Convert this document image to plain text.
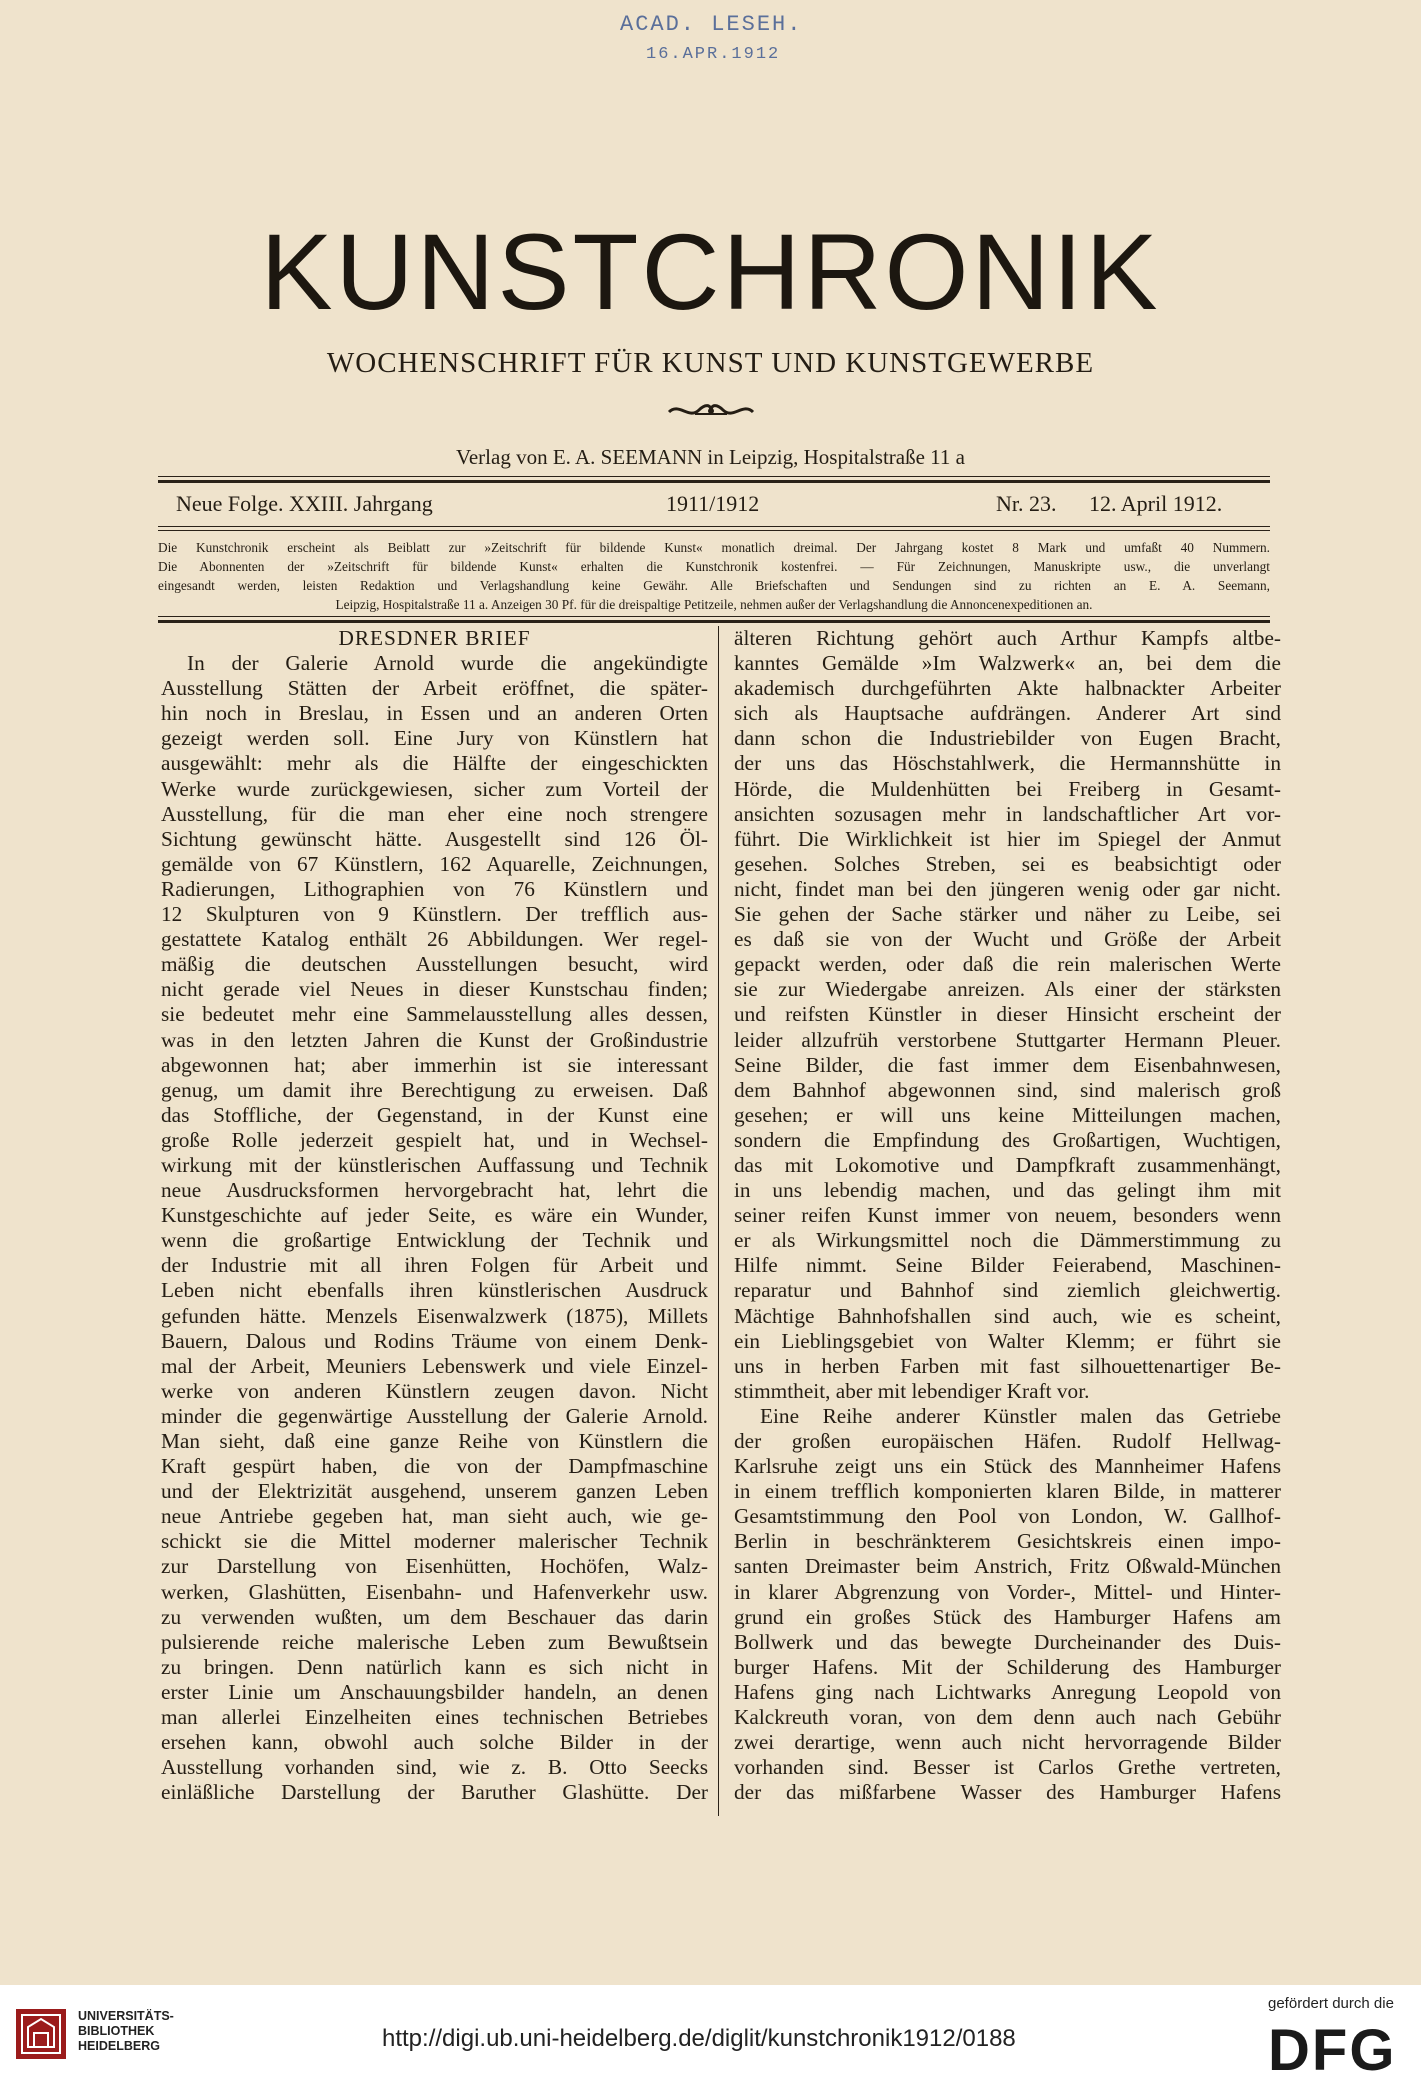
ACAD. LESEH.
16.APR.1912
KUNSTCHRONIK
WOCHENSCHRIFT FÜR KUNST UND KUNSTGEWERBE
Verlag von E. A. SEEMANN in Leipzig, Hospitalstraße 11 a
Neue Folge. XXIII. Jahrgang	1911/1912	Nr. 23. 12. April 1912.

Die Kunstchronik erscheint als Beiblatt zur »Zeitschrift für bildende Kunst« monatlich dreimal. Der Jahrgang kostet 8 Mark und umfaßt 40 Nummern.

Die Abonnenten der »Zeitschrift für bildende Kunst« erhalten die Kunstchronik kostenfrei. — Für Zeichnungen, Manuskripte usw., die unverlangt

eingesandt werden, leisten Redaktion und Verlagshandlung keine Gewähr. Alle Briefschaften und Sendungen sind zu richten an E. A. Seemann,

Leipzig, Hospitalstraße 11 a. Anzeigen 30 Pf. für die dreispaltige Petitzeile, nehmen außer der Verlagshandlung die Annoncenexpeditionen an.

DRESDNER BRIEF

In der Galerie Arnold wurde die angekündigte

Ausstellung Stätten der Arbeit eröffnet, die später-

hin noch in Breslau, in Essen und an anderen Orten

gezeigt werden soll. Eine Jury von Künstlern hat

ausgewählt: mehr als die Hälfte der eingeschickten

Werke wurde zurückgewiesen, sicher zum Vorteil der

Ausstellung, für die man eher eine noch strengere

Sichtung gewünscht hätte. Ausgestellt sind 126 Öl-

gemälde von 67 Künstlern, 162 Aquarelle, Zeichnungen,

Radierungen, Lithographien von 76 Künstlern und

12 Skulpturen von 9 Künstlern. Der trefflich aus-

gestattete Katalog enthält 26 Abbildungen. Wer regel-

mäßig die deutschen Ausstellungen besucht, wird

nicht gerade viel Neues in dieser Kunstschau finden;

sie bedeutet mehr eine Sammelausstellung alles dessen,

was in den letzten Jahren die Kunst der Großindustrie

abgewonnen hat; aber immerhin ist sie interessant

genug, um damit ihre Berechtigung zu erweisen. Daß

das Stoffliche, der Gegenstand, in der Kunst eine

große Rolle jederzeit gespielt hat, und in Wechsel-

wirkung mit der künstlerischen Auffassung und Technik

neue Ausdrucksformen hervorgebracht hat, lehrt die

Kunstgeschichte auf jeder Seite, es wäre ein Wunder,

wenn die großartige Entwicklung der Technik und

der Industrie mit all ihren Folgen für Arbeit und

Leben nicht ebenfalls ihren künstlerischen Ausdruck

gefunden hätte. Menzels Eisenwalzwerk (1875), Millets

Bauern, Dalous und Rodins Träume von einem Denk-

mal der Arbeit, Meuniers Lebenswerk und viele Einzel-

werke von anderen Künstlern zeugen davon. Nicht

minder die gegenwärtige Ausstellung der Galerie Arnold.

Man sieht, daß eine ganze Reihe von Künstlern die

Kraft gespürt haben, die von der Dampfmaschine

und der Elektrizität ausgehend, unserem ganzen Leben

neue Antriebe gegeben hat, man sieht auch, wie ge-

schickt sie die Mittel moderner malerischer Technik

zur Darstellung von Eisenhütten, Hochöfen, Walz-

werken, Glashütten, Eisenbahn- und Hafenverkehr usw.

zu verwenden wußten, um dem Beschauer das darin

pulsierende reiche malerische Leben zum Bewußtsein

zu bringen. Denn natürlich kann es sich nicht in

erster Linie um Anschauungsbilder handeln, an denen

man allerlei Einzelheiten eines technischen Betriebes

ersehen kann, obwohl auch solche Bilder in der

Ausstellung vorhanden sind, wie z. B. Otto Seecks

einläßliche Darstellung der Baruther Glashütte. Der

älteren Richtung gehört auch Arthur Kampfs altbe-

kanntes Gemälde »Im Walzwerk« an, bei dem die

akademisch durchgeführten Akte halbnackter Arbeiter

sich als Hauptsache aufdrängen. Anderer Art sind

dann schon die Industriebilder von Eugen Bracht,

der uns das Höschstahlwerk, die Hermannshütte in

Hörde, die Muldenhütten bei Freiberg in Gesamt-

ansichten sozusagen mehr in landschaftlicher Art vor-

führt. Die Wirklichkeit ist hier im Spiegel der Anmut

gesehen. Solches Streben, sei es beabsichtigt oder

nicht, findet man bei den jüngeren wenig oder gar nicht.

Sie gehen der Sache stärker und näher zu Leibe, sei

es daß sie von der Wucht und Größe der Arbeit

gepackt werden, oder daß die rein malerischen Werte

sie zur Wiedergabe anreizen. Als einer der stärksten

und reifsten Künstler in dieser Hinsicht erscheint der

leider allzufrüh verstorbene Stuttgarter Hermann Pleuer.

Seine Bilder, die fast immer dem Eisenbahnwesen,

dem Bahnhof abgewonnen sind, sind malerisch groß

gesehen; er will uns keine Mitteilungen machen,

sondern die Empfindung des Großartigen, Wuchtigen,

das mit Lokomotive und Dampfkraft zusammenhängt,

in uns lebendig machen, und das gelingt ihm mit

seiner reifen Kunst immer von neuem, besonders wenn

er als Wirkungsmittel noch die Dämmerstimmung zu

Hilfe nimmt. Seine Bilder Feierabend, Maschinen-

reparatur und Bahnhof sind ziemlich gleichwertig.

Mächtige Bahnhofshallen sind auch, wie es scheint,

ein Lieblingsgebiet von Walter Klemm; er führt sie

uns in herben Farben mit fast silhouettenartiger Be-

stimmtheit, aber mit lebendiger Kraft vor.

Eine Reihe anderer Künstler malen das Getriebe

der großen europäischen Häfen. Rudolf Hellwag-

Karlsruhe zeigt uns ein Stück des Mannheimer Hafens

in einem trefflich komponierten klaren Bilde, in matterer

Gesamtstimmung den Pool von London, W. Gallhof-

Berlin in beschränkterem Gesichtskreis einen impo-

santen Dreimaster beim Anstrich, Fritz Oßwald-München

in klarer Abgrenzung von Vorder-, Mittel- und Hinter-

grund ein großes Stück des Hamburger Hafens am

Bollwerk und das bewegte Durcheinander des Duis-

burger Hafens. Mit der Schilderung des Hamburger

Hafens ging nach Lichtwarks Anregung Leopold von

Kalckreuth voran, von dem denn auch nach Gebühr

zwei derartige, wenn auch nicht hervorragende Bilder

vorhanden sind. Besser ist Carlos Grethe vertreten,

der das mißfarbene Wasser des Hamburger Hafens

UNIVERSITÄTS-
BIBLIOTHEK
HEIDELBERG	http://digi.ub.uni-heidelberg.de/diglit/kunstchronik1912/0188
gefördert durch die
DFG
